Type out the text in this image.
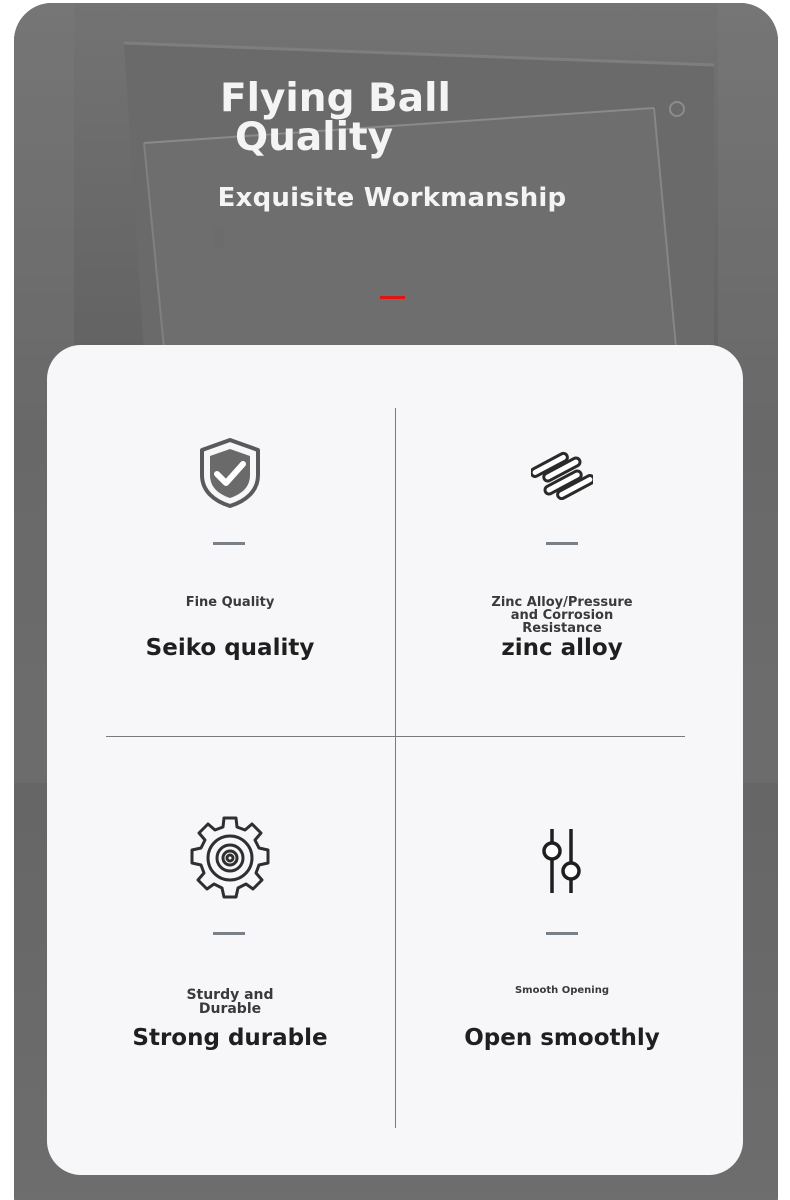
Flying Ball
Quality
Exquisite Workmanship
Fine Quality
Seiko quality
Zinc Alloy/Pressure and Corrosion Resistance
zinc alloy
Sturdy and Durable
Strong durable
Smooth Opening
Open smoothly
